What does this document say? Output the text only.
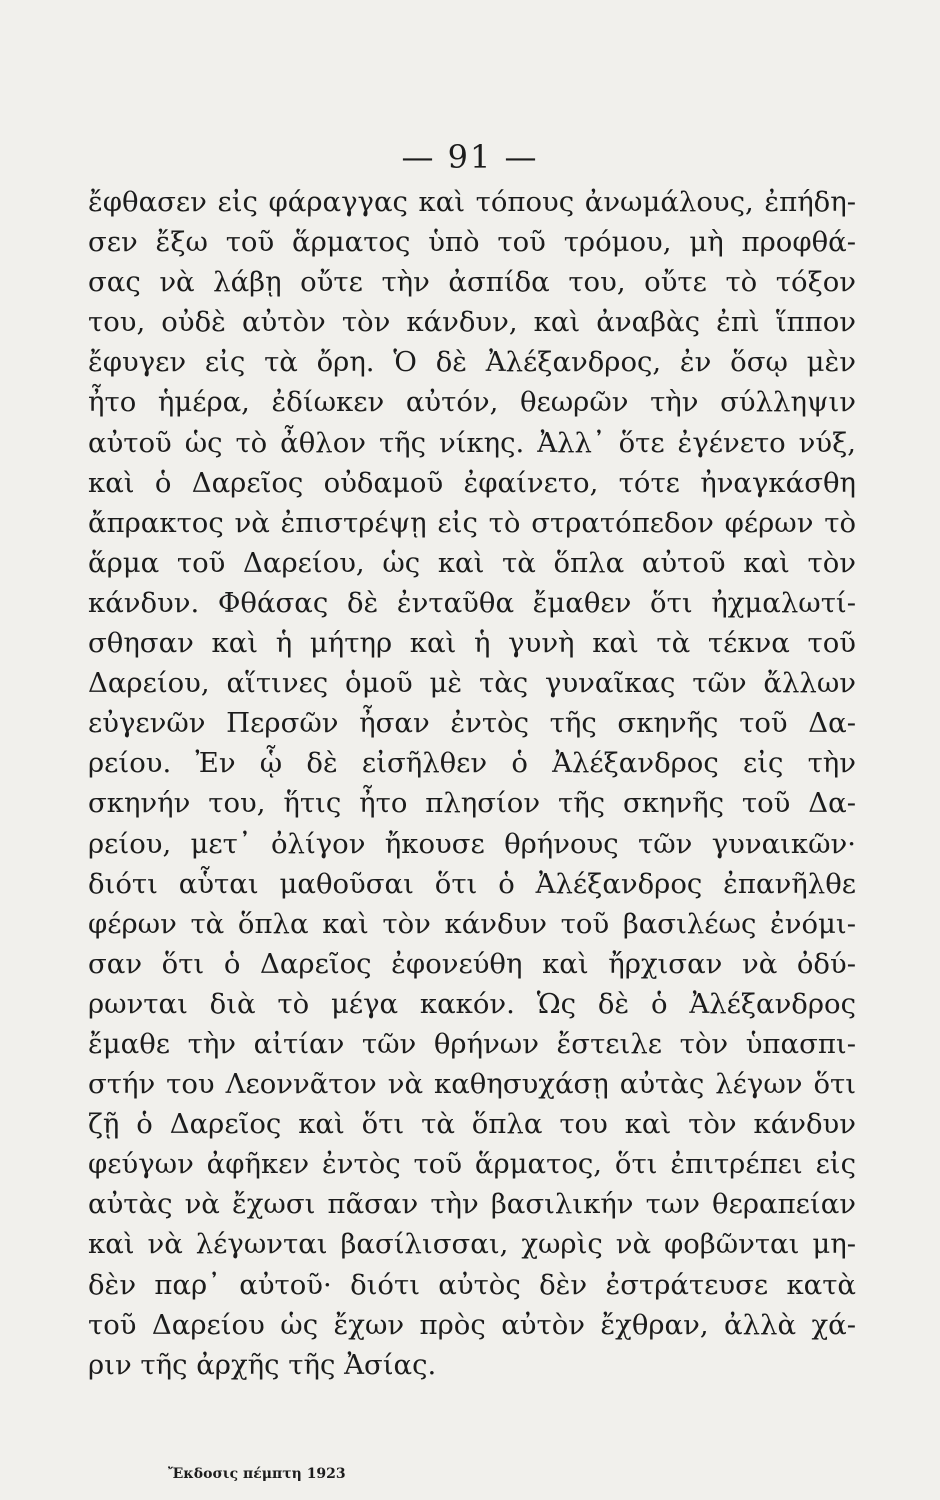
— 91 —
ἔφθασεν εἰς φάραγγας καὶ τόπους ἀνωμάλους, ἐπήδη-
σεν ἔξω τοῦ ἅρματος ὑπὸ τοῦ τρόμου, μὴ προφθά-
σας νὰ λάβῃ οὔτε τὴν ἀσπίδα του, οὔτε τὸ τόξον
του, οὐδὲ αὐτὸν τὸν κάνδυν, καὶ ἀναβὰς ἐπὶ ἵππον
ἔφυγεν εἰς τὰ ὄρη. Ὁ δὲ Ἀλέξανδρος, ἐν ὅσῳ μὲν
ἦτο ἡμέρα, ἐδίωκεν αὐτόν, θεωρῶν τὴν σύλληψιν
αὐτοῦ ὡς τὸ ἆθλον τῆς νίκης. Ἀλλ᾽ ὅτε ἐγένετο νύξ,
καὶ ὁ Δαρεῖος οὐδαμοῦ ἐφαίνετο, τότε ἠναγκάσθη
ἄπρακτος νὰ ἐπιστρέψῃ εἰς τὸ στρατόπεδον φέρων τὸ
ἅρμα τοῦ Δαρείου, ὡς καὶ τὰ ὅπλα αὐτοῦ καὶ τὸν
κάνδυν. Φθάσας δὲ ἐνταῦθα ἔμαθεν ὅτι ἠχμαλωτί-
σθησαν καὶ ἡ μήτηρ καὶ ἡ γυνὴ καὶ τὰ τέκνα τοῦ
Δαρείου, αἵτινες ὁμοῦ μὲ τὰς γυναῖκας τῶν ἄλλων
εὐγενῶν Περσῶν ἦσαν ἐντὸς τῆς σκηνῆς τοῦ Δα-
ρείου. Ἐν ᾧ δὲ εἰσῆλθεν ὁ Ἀλέξανδρος εἰς τὴν
σκηνήν του, ἥτις ἦτο πλησίον τῆς σκηνῆς τοῦ Δα-
ρείου, μετ᾽ ὀλίγον ἤκουσε θρήνους τῶν γυναικῶν·
διότι αὗται μαθοῦσαι ὅτι ὁ Ἀλέξανδρος ἐπανῆλθε
φέρων τὰ ὅπλα καὶ τὸν κάνδυν τοῦ βασιλέως ἐνόμι-
σαν ὅτι ὁ Δαρεῖος ἐφονεύθη καὶ ἤρχισαν νὰ ὀδύ-
ρωνται διὰ τὸ μέγα κακόν. Ὡς δὲ ὁ Ἀλέξανδρος
ἔμαθε τὴν αἰτίαν τῶν θρήνων ἔστειλε τὸν ὑπασπι-
στήν του Λεοννᾶτον νὰ καθησυχάσῃ αὐτὰς λέγων ὅτι
ζῇ ὁ Δαρεῖος καὶ ὅτι τὰ ὅπλα του καὶ τὸν κάνδυν
φεύγων ἀφῆκεν ἐντὸς τοῦ ἅρματος, ὅτι ἐπιτρέπει εἰς
αὐτὰς νὰ ἔχωσι πᾶσαν τὴν βασιλικήν των θεραπείαν
καὶ νὰ λέγωνται βασίλισσαι, χωρὶς νὰ φοβῶνται μη-
δὲν παρ᾽ αὐτοῦ· διότι αὐτὸς δὲν ἐστράτευσε κατὰ
τοῦ Δαρείου ὡς ἔχων πρὸς αὐτὸν ἔχθραν, ἀλλὰ χά-
ριν τῆς ἀρχῆς τῆς Ἀσίας.
Ἔκδοσις πέμπτη 1923
